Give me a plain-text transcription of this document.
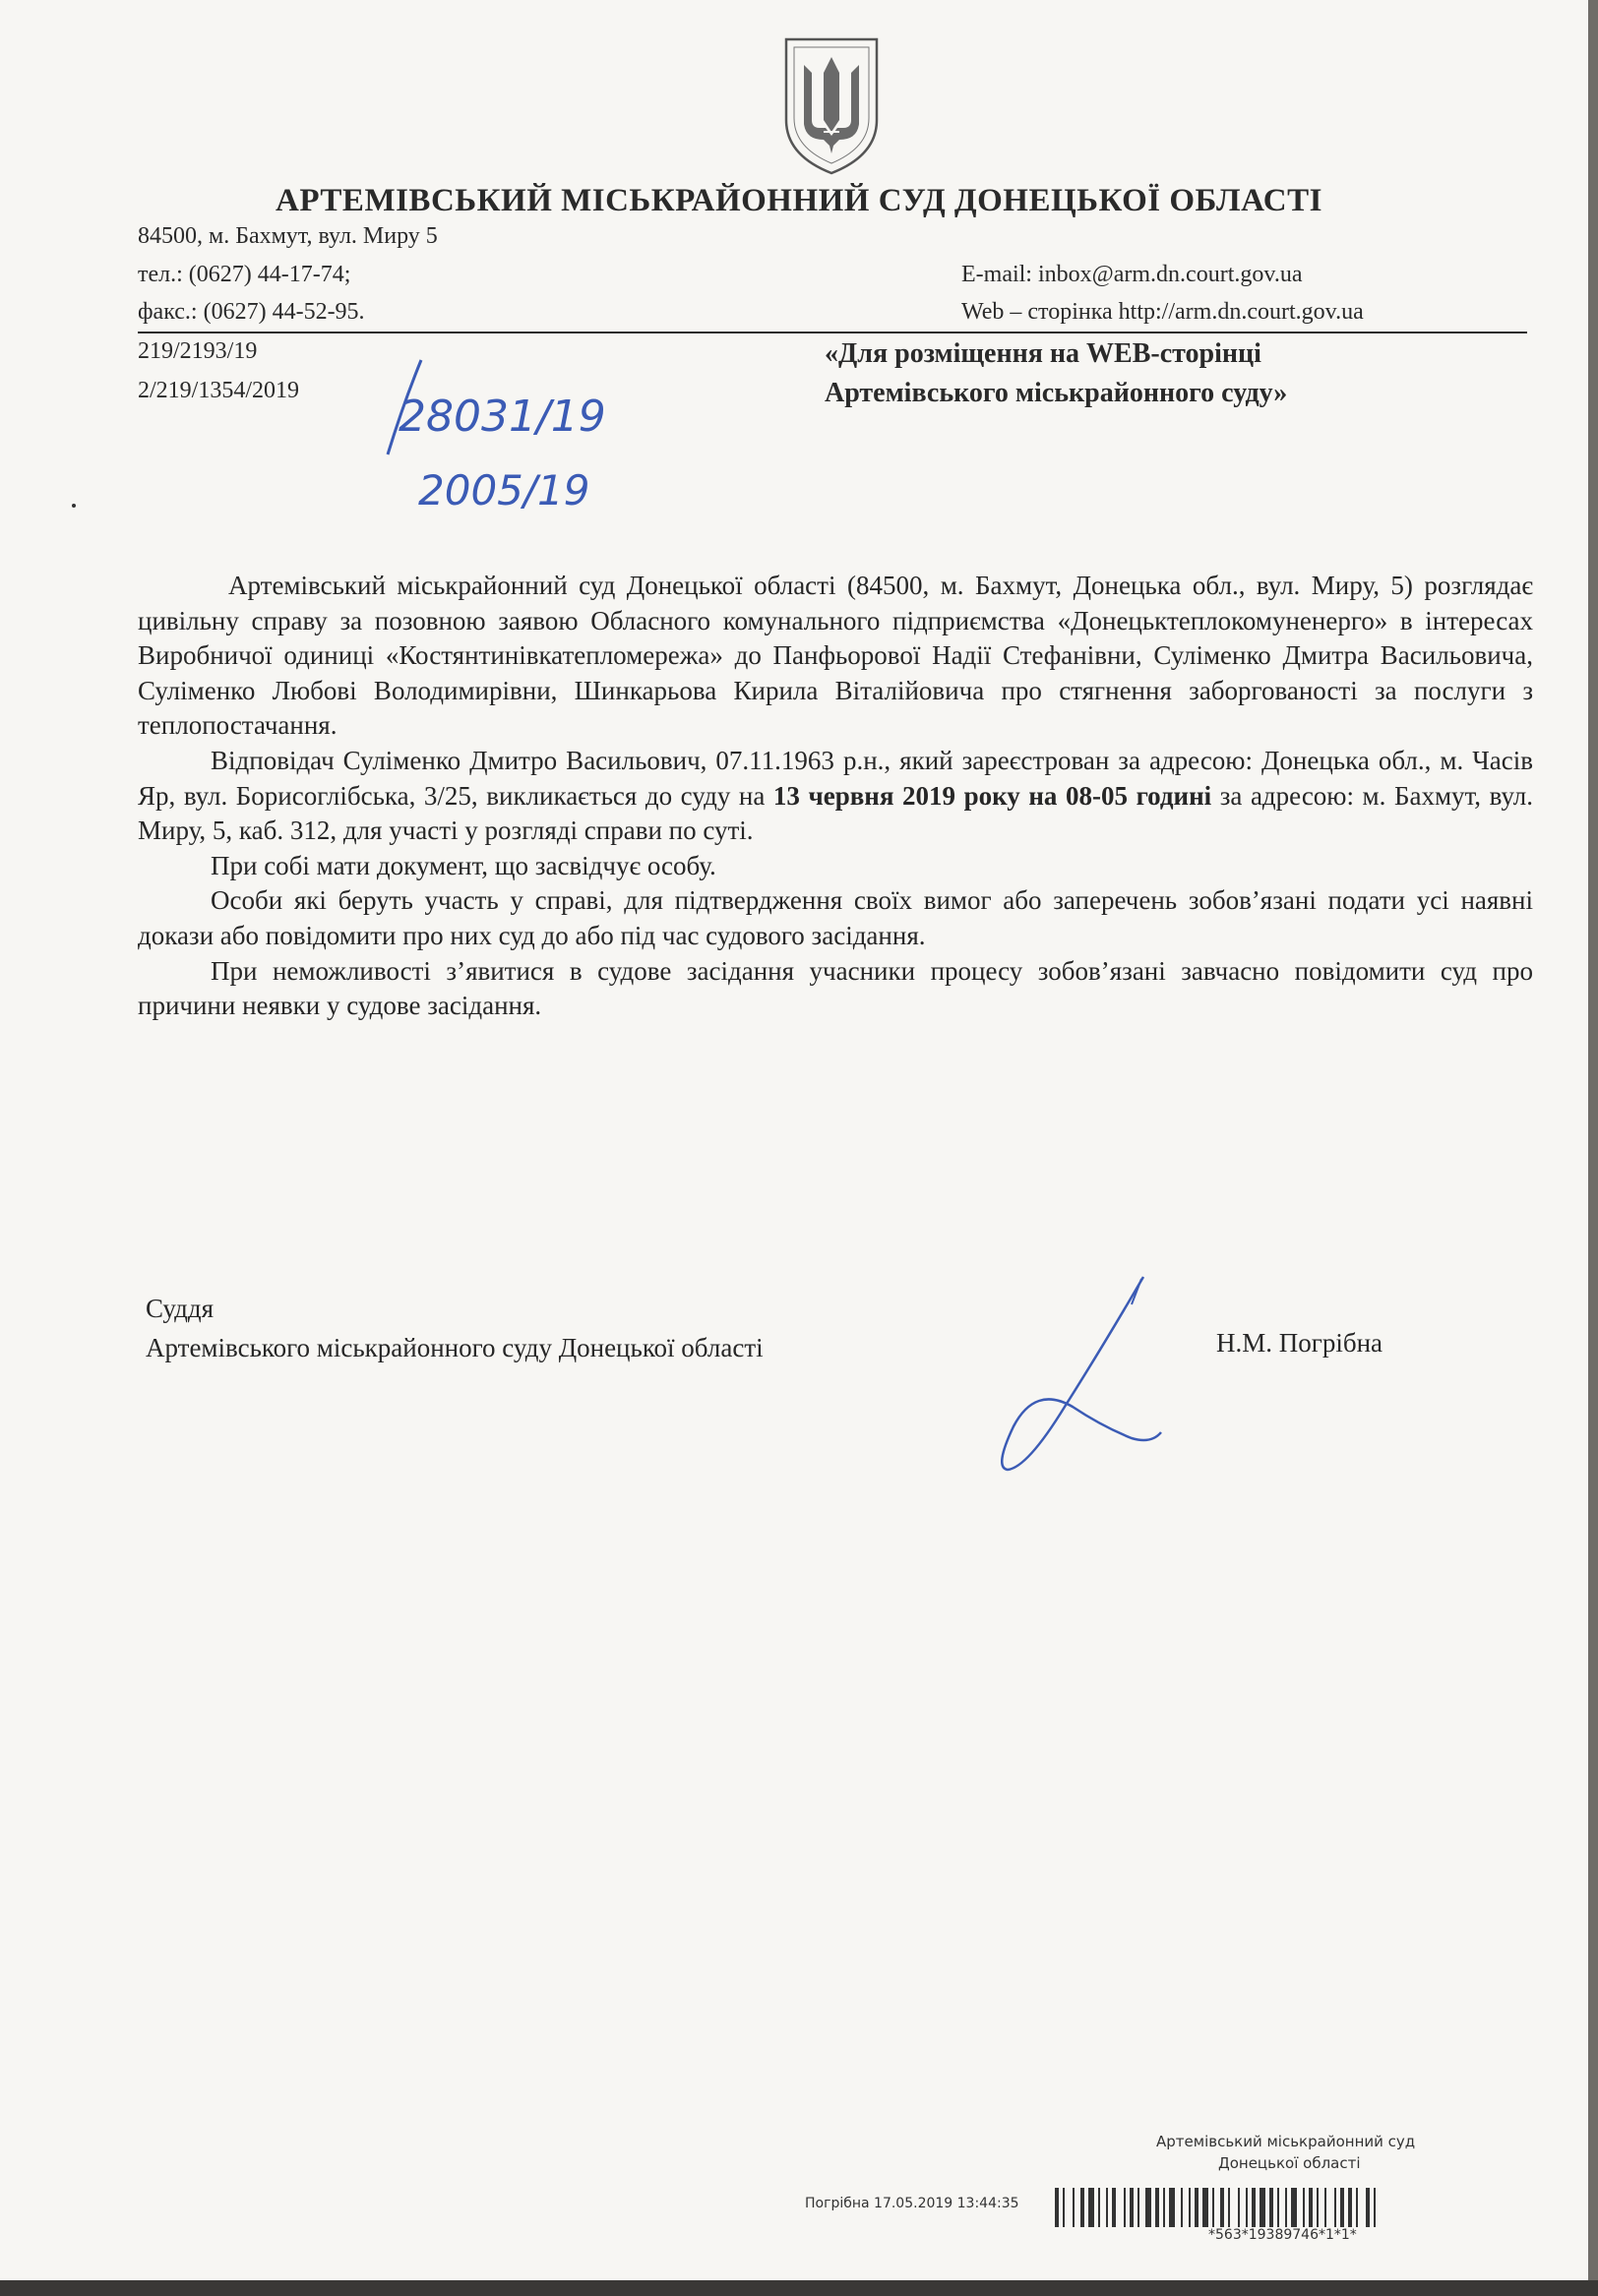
АРТЕМІВСЬКИЙ МІСЬКРАЙОННИЙ СУД ДОНЕЦЬКОЇ ОБЛАСТІ
84500, м. Бахмут, вул. Миру 5
тел.: (0627) 44-17-74;
факс.: (0627) 44-52-95.
E-mail: inbox@arm.dn.court.gov.ua
Web – сторінка http://arm.dn.court.gov.ua
219/2193/19
2/219/1354/2019
28031/19
2005/19
«Для розміщення на WEB-сторінці
Артемівського міськрайонного суду»

Артемівський міськрайонний суд Донецької області (84500, м. Бахмут, Донецька обл., вул. Миру, 5) розглядає цивільну справу за позовною заявою Обласного комунального підприємства «Донецьктеплокомуненерго» в інтересах Виробничої одиниці «Костянтинівкатепломережа» до Панфьорової Надії Стефанівни, Суліменко Дмитра Васильовича, Суліменко Любові Володимирівни, Шинкарьова Кирила Віталійовича про стягнення заборгованості за послуги з теплопостачання.

Відповідач Суліменко Дмитро Васильович, 07.11.1963 р.н., який зареєстрован за адресою: Донецька обл., м. Часів Яр, вул. Борисоглібська, 3/25, викликається до суду на 13 червня 2019 року на 08-05 годині за адресою: м. Бахмут, вул. Миру, 5, каб. 312, для участі у розгляді справи по суті.

При собі мати документ, що засвідчує особу.

Особи які беруть участь у справі, для підтвердження своїх вимог або заперечень зобов’язані подати усі наявні докази або повідомити про них суд до або під час судового засідання.

При неможливості з’явитися в судове засідання учасники процесу зобов’язані завчасно повідомити суд про причини неявки у судове засідання.

Суддя
Артемівського міськрайонного суду Донецької області	Н.М. Погрібна
Артемівський міськрайонний суд
Донецької області
Погрібна 17.05.2019 13:44:35
*563*19389746*1*1*
